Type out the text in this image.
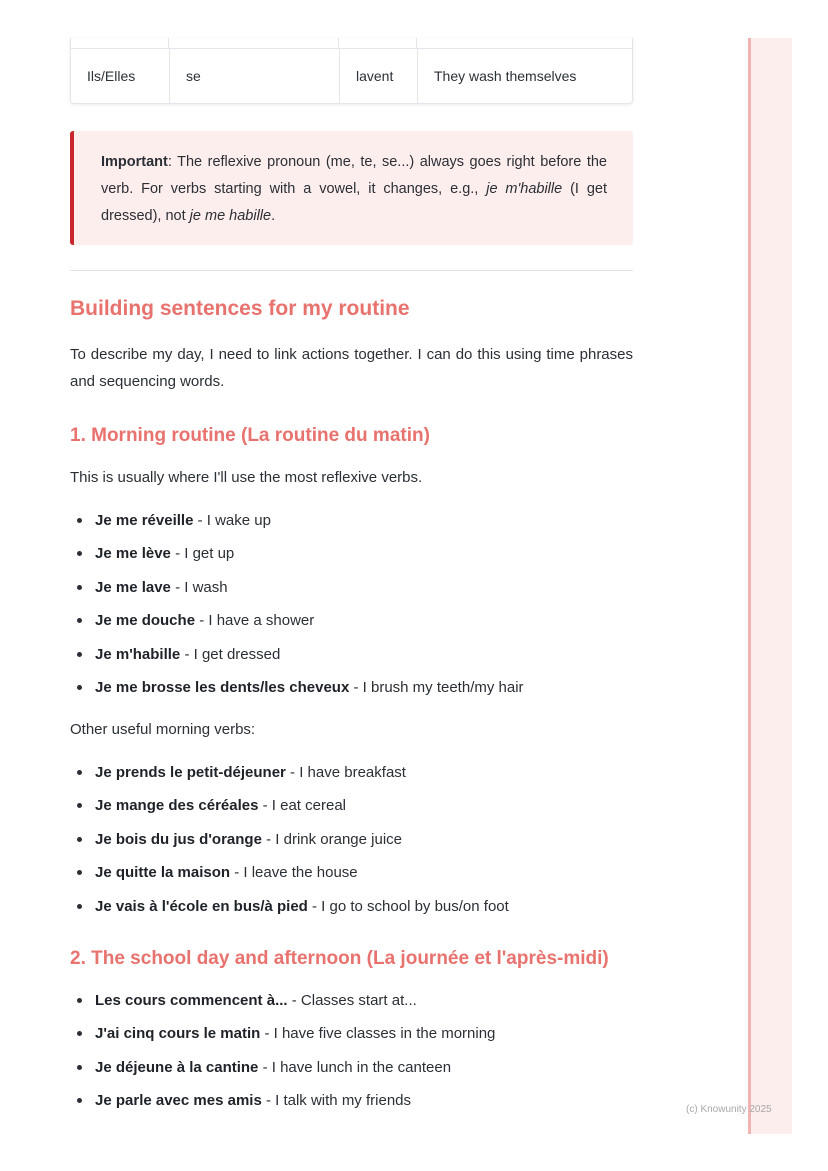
(c) Knowunity 2025
Ils/Elles	se	lavent	They wash themselves
Important: The reflexive pronoun (me, te, se...) always goes right before the verb. For verbs starting with a vowel, it changes, e.g., je m'habille (I get dressed), not je me habille.
Building sentences for my routine

To describe my day, I need to link actions together. I can do this using time phrases and sequencing words.

1. Morning routine (La routine du matin)

This is usually where I'll use the most reflexive verbs.

Je me réveille - I wake up
Je me lève - I get up
Je me lave - I wash
Je me douche - I have a shower
Je m'habille - I get dressed
Je me brosse les dents/les cheveux - I brush my teeth/my hair

Other useful morning verbs:

Je prends le petit-déjeuner - I have breakfast
Je mange des céréales - I eat cereal
Je bois du jus d'orange - I drink orange juice
Je quitte la maison - I leave the house
Je vais à l'école en bus/à pied - I go to school by bus/on foot
2. The school day and afternoon (La journée et l'après-midi)
Les cours commencent à... - Classes start at...
J'ai cinq cours le matin - I have five classes in the morning
Je déjeune à la cantine - I have lunch in the canteen
Je parle avec mes amis - I talk with my friends
